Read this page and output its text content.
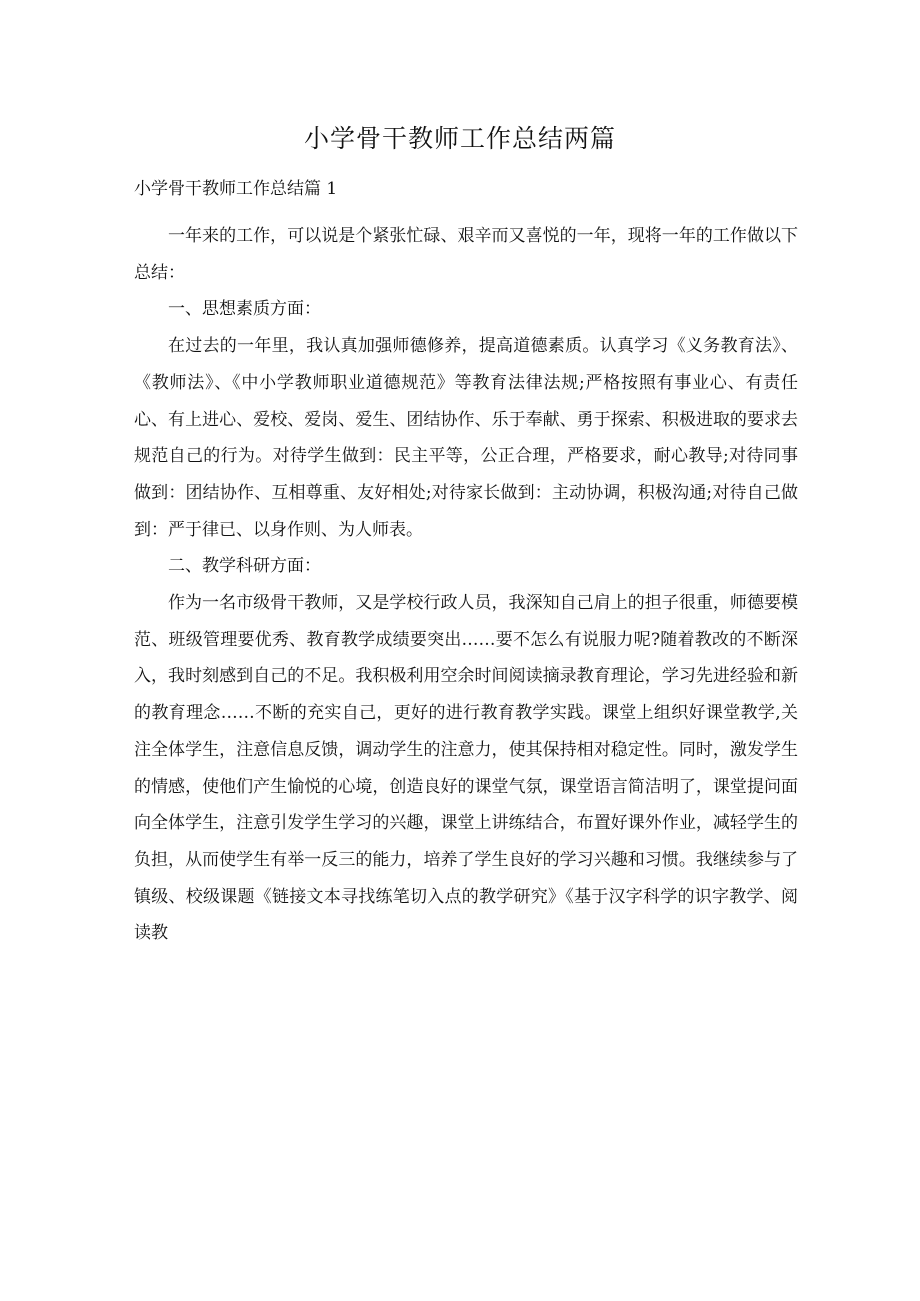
小学骨干教师工作总结两篇
小学骨干教师工作总结篇 1

一年来的工作，可以说是个紧张忙碌、艰辛而又喜悦的一年，现将一年的工作做以下总结：

一、思想素质方面：

在过去的一年里，我认真加强师德修养，提高道德素质。认真学习《义务教育法》、《教师法》、《中小学教师职业道德规范》等教育法律法规;严格按照有事业心、有责任心、有上进心、爱校、爱岗、爱生、团结协作、乐于奉献、勇于探索、积极进取的要求去规范自己的行为。对待学生做到：民主平等，公正合理，严格要求，耐心教导;对待同事做到：团结协作、互相尊重、友好相处;对待家长做到：主动协调，积极沟通;对待自己做到：严于律已、以身作则、为人师表。

二、教学科研方面：

作为一名市级骨干教师，又是学校行政人员，我深知自己肩上的担子很重，师德要模范、班级管理要优秀、教育教学成绩要突出……要不怎么有说服力呢?随着教改的不断深入，我时刻感到自己的不足。我积极利用空余时间阅读摘录教育理论，学习先进经验和新的教育理念……不断的充实自己，更好的进行教育教学实践。课堂上组织好课堂教学,关注全体学生，注意信息反馈，调动学生的注意力，使其保持相对稳定性。同时，激发学生的情感，使他们产生愉悦的心境，创造良好的课堂气氛，课堂语言简洁明了，课堂提问面向全体学生，注意引发学生学习的兴趣，课堂上讲练结合，布置好课外作业，减轻学生的负担，从而使学生有举一反三的能力，培养了学生良好的学习兴趣和习惯。我继续参与了镇级、校级课题《链接文本寻找练笔切入点的教学研究》《基于汉字科学的识字教学、阅读教
